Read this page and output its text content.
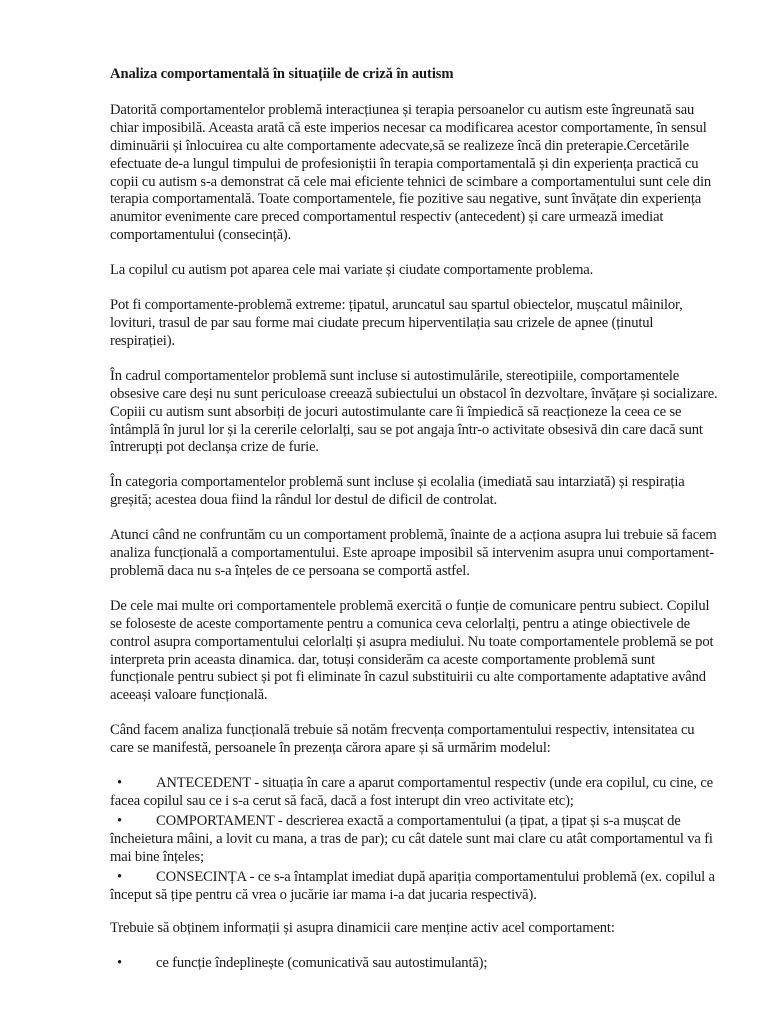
Analiza comportamentală în situațiile de criză în autism

Datorită comportamentelor problemă interacțiunea și terapia persoanelor cu autism este îngreunată sau chiar imposibilă. Aceasta arată că este imperios necesar ca modificarea acestor comportamente, în sensul diminuării și înlocuirea cu alte comportamente adecvate,să se realizeze încă din preterapie.Cercetările efectuate de-a lungul timpului de profesioniștii în terapia comportamentală și din experiența practică cu copii cu autism s-a demonstrat că cele mai eficiente tehnici de scimbare a comportamentului sunt cele din terapia comportamentală. Toate comportamentele, fie pozitive sau negative, sunt învățate din experiența anumitor evenimente care preced comportamentul respectiv (antecedent) și care urmează imediat comportamentului (consecință).

La copilul cu autism pot aparea cele mai variate și ciudate comportamente problema.

Pot fi comportamente-problemă extreme: țipatul, aruncatul sau spartul obiectelor, mușcatul mâinilor, lovituri, trasul de par sau forme mai ciudate precum hiperventilația sau crizele de apnee (ținutul respirației).

În cadrul comportamentelor problemă sunt incluse si autostimulările, stereotipiile, comportamentele obsesive care deși nu sunt periculoase creează subiectului un obstacol în dezvoltare, învățare și socializare. Copiii cu autism sunt absorbiți de jocuri autostimulante care îi împiedică să reacționeze la ceea ce se întâmplă în jurul lor și la cererile celorlalți, sau se pot angaja într-o activitate obsesivă din care dacă sunt întrerupți pot declanșa crize de furie.

În categoria comportamentelor problemă sunt incluse și ecolalia (imediată sau intarziată) și respirația greșită; acestea doua fiind la rândul lor destul de dificil de controlat.

Atunci când ne confruntăm cu un comportament problemă, înainte de a acționa asupra lui trebuie să facem analiza funcțională a comportamentului. Este aproape imposibil să intervenim asupra unui comportament-problemă daca nu s-a înțeles de ce persoana se comportă astfel.

De cele mai multe ori comportamentele problemă exercită o funție de comunicare pentru subiect. Copilul se foloseste de aceste comportamente pentru a comunica ceva celorlalți, pentru a atinge obiectivele de control asupra comportamentului celorlalți și asupra mediului. Nu toate comportamentele problemă se pot interpreta prin aceasta dinamica. dar, totuși considerăm ca aceste comportamente problemă sunt funcționale pentru subiect și pot fi eliminate în cazul substituirii cu alte comportamente adaptative având aceeași valoare funcțională.

Când facem analiza funcțională trebuie să notăm frecvența comportamentului respectiv, intensitatea cu care se manifestă, persoanele în prezența cărora apare și să urmărim modelul:

• ANTECEDENT - situația în care a aparut comportamentul respectiv (unde era copilul, cu cine, ce facea copilul sau ce i s-a cerut să facă, dacă a fost interupt din vreo activitate etc);
• COMPORTAMENT - descrierea exactă a comportamentului (a țipat, a țipat și s-a mușcat de încheietura mâini, a lovit cu mana, a tras de par); cu cât datele sunt mai clare cu atât comportamentul va fi mai bine înțeles;
• CONSECINȚA - ce s-a întamplat imediat după apariția comportamentului problemă (ex. copilul a început să țipe pentru că vrea o jucărie iar mama i-a dat jucaria respectivă).

Trebuie să obținem informații și asupra dinamicii care menține activ acel comportament:

• ce funcție îndeplinește (comunicativă sau autostimulantă);
